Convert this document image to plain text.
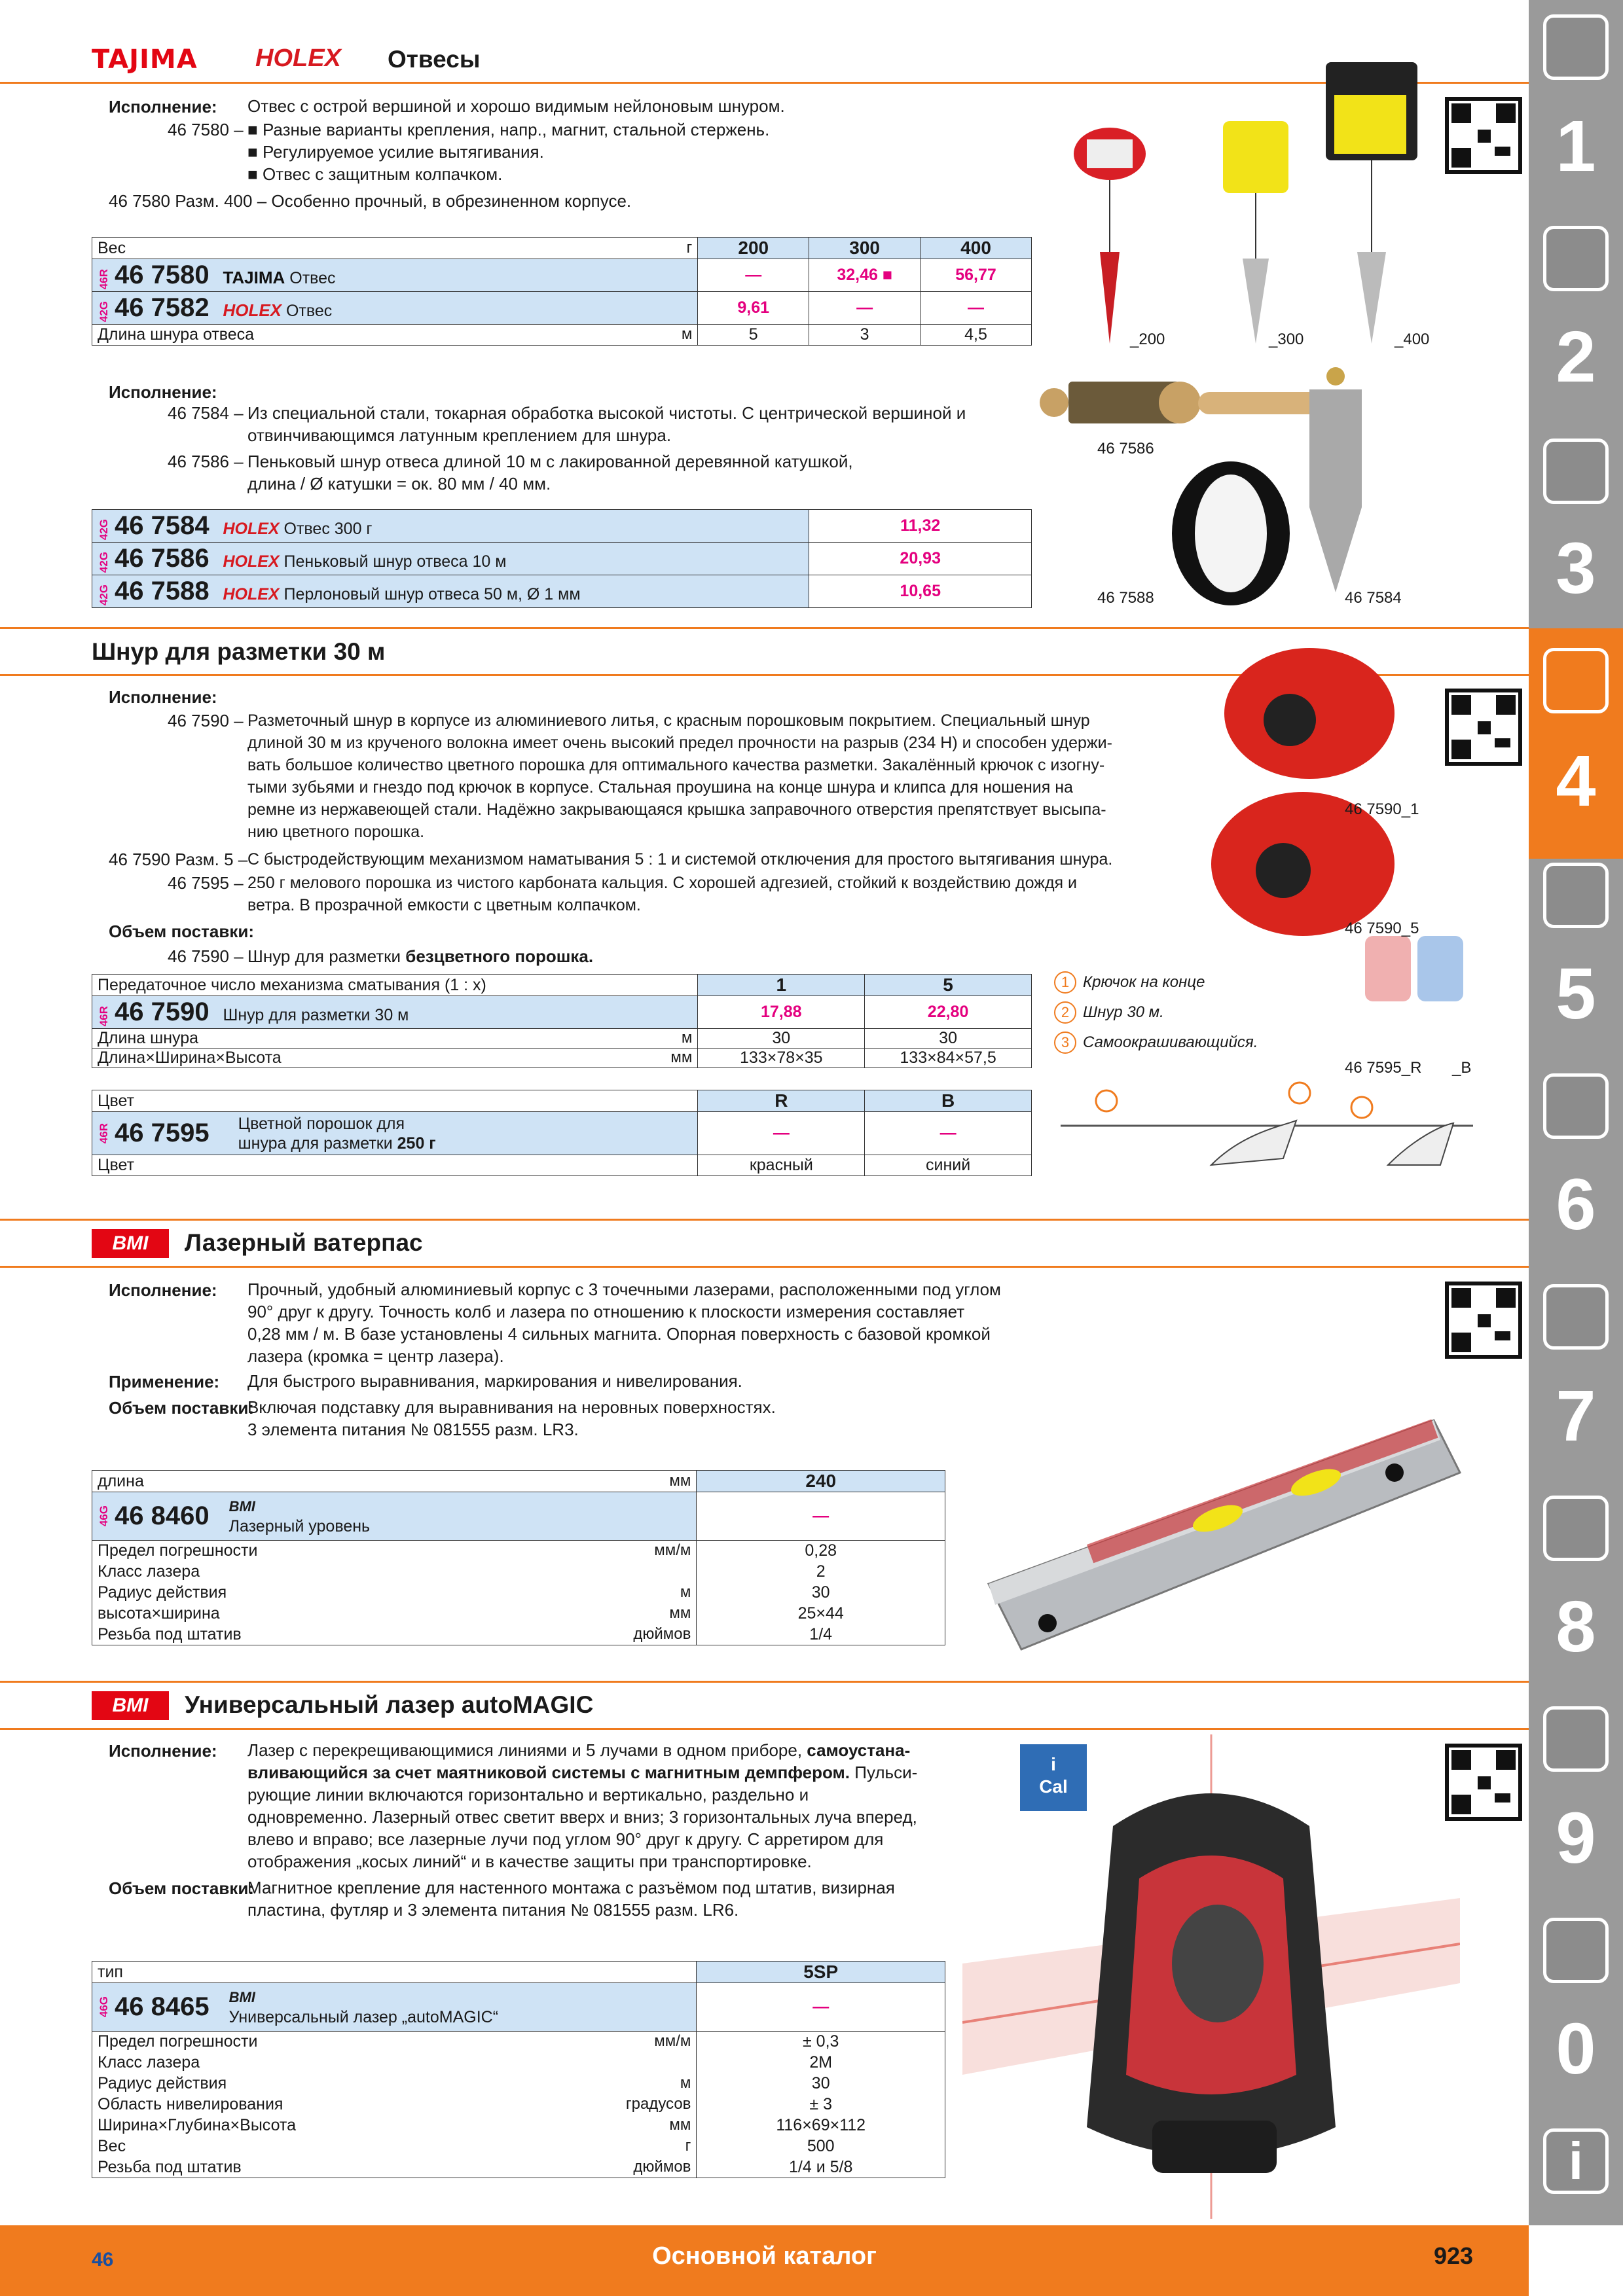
TAJIMA HOLEX Отвесы
Исполнение: Отвес с острой вершиной и хорошо видимым нейлоновым шнуром.
46 7580 – ■ Разные варианты крепления, напр., магнит, стальной стержень.
■ Регулируемое усилие вытягивания.
■ Отвес с защитным колпачком.
46 7580 Разм. 400 – Особенно прочный, в обрезиненном корпусе.
Вес г	200	300	400
46R 46 7580 TAJIMA Отвес	—	32,46 ■	56,77
42G 46 7582 HOLEX Отвес	9,61	—	—
Длина шнура отвеса м	5	3	4,5	_200	_300	_400
Исполнение:
46 7584 – Из специальной стали, токарная обработка высокой чистоты. С центрической вершиной и
отвинчивающимся латунным креплением для шнура.
46 7586 – Пеньковый шнур отвеса длиной 10 м с лакированной деревянной катушкой,
длина / Ø катушки = ок. 80 мм / 40 мм.
42G 46 7584 HOLEX Отвес 300 г	11,32
42G 46 7586 HOLEX Пеньковый шнур отвеса 10 м	20,93
42G 46 7588 HOLEX Перлоновый шнур отвеса 50 м, Ø 1 мм	10,65
46 7586
46 7588	46 7584
Шнур для разметки 30 м
Исполнение:
46 7590 – Разметочный шнур в корпусе из алюминиевого литья, с красным порошковым покрытием. Специальный шнур
длиной 30 м из крученого волокна имеет очень высокий предел прочности на разрыв (234 Н) и способен удержи-
вать большое количество цветного порошка для оптимального качества разметки. Закалённый крючок с изогну-
тыми зубьями и гнездо под крючок в корпусе. Стальная проушина на конце шнура и клипса для ношения на
ремне из нержавеющей стали. Надёжно закрывающаяся крышка заправочного отверстия препятствует высыпа-
нию цветного порошка.
46 7590 Разм. 5 – С быстродействующим механизмом наматывания 5 : 1 и системой отключения для простого вытягивания шнура.
46 7595 – 250 г мелового порошка из чистого карбоната кальция. С хорошей адгезией, стойкий к воздействию дождя и
ветра. В прозрачной емкости с цветным колпачком.
Объем поставки:
46 7590 – Шнур для разметки безцветного порошка.
Передаточное число механизма сматывания (1 : x)	1	5
46R 46 7590 Шнур для разметки 30 м	17,88	22,80
Длина шнура м	30	30
Длина×Ширина×Высота мм	133×78×35	133×84×57,5
Цвет	R	B

46R 46 7595 Цветной порошок для
шнура для разметки 250 г	—	—
Цвет	красный	синий
1 Крючок на конце
2 Шнур 30 м.
3 Самоокрашивающийся.
46 7590_1
46 7590_5
46 7595_R _B
BMI	Лазерный ватерпас
Исполнение: Прочный, удобный алюминиевый корпус с 3 точечными лазерами, расположенными под углом
90° друг к другу. Точность колб и лазера по отношению к плоскости измерения составляет
0,28 мм / м. В базе установлены 4 сильных магнита. Опорная поверхность с базовой кромкой
лазера (кромка = центр лазера).
Применение: Для быстрого выравнивания, маркирования и нивелирования.
Объем поставки:
Включая подставку для выравнивания на неровных поверхностях.
3 элемента питания № 081555 разм. LR3.
длина мм	240

46G 46 8460 BMI
Лазерный уровень	—
Предел погрешности мм/м	0,28
Класс лазера	2
Радиус действия м	30
высота×ширина мм	25×44
Резьба под штатив дюймов	1/4
BMI	Универсальный лазер autoMAGIC
Исполнение: Лазер с перекрещивающимися линиями и 5 лучами в одном приборе, самоустана-
вливающийся за счет маятниковой системы с магнитным демпфером. Пульси-
рующие линии включаются горизонтально и вертикально, раздельно и
одновременно. Лазерный отвес светит вверх и вниз; 3 горизонтальных луча вперед,
влево и вправо; все лазерные лучи под углом 90° друг к другу. С арретиром для
отображения „косых линий“ и в качестве защиты при транспортировке.
Объем поставки:
Магнитное крепление для настенного монтажа с разъёмом под штатив, визирная
пластина, футляр и 3 элемента питания № 081555 разм. LR6.
тип	5SP

46G 46 8465 BMI
Универсальный лазер „autoMAGIC“	—
Предел погрешности мм/м	± 0,3
Класс лазера	2M
Радиус действия м	30
Область нивелирования градусов	± 3
Ширина×Глубина×Высота мм	116×69×112
Вес г	500
Резьба под штатив дюймов	1/4 и 5/8
i
Cal
1
2
3
4
5
6
7
8
9
0
i
46	Основной каталог	923
